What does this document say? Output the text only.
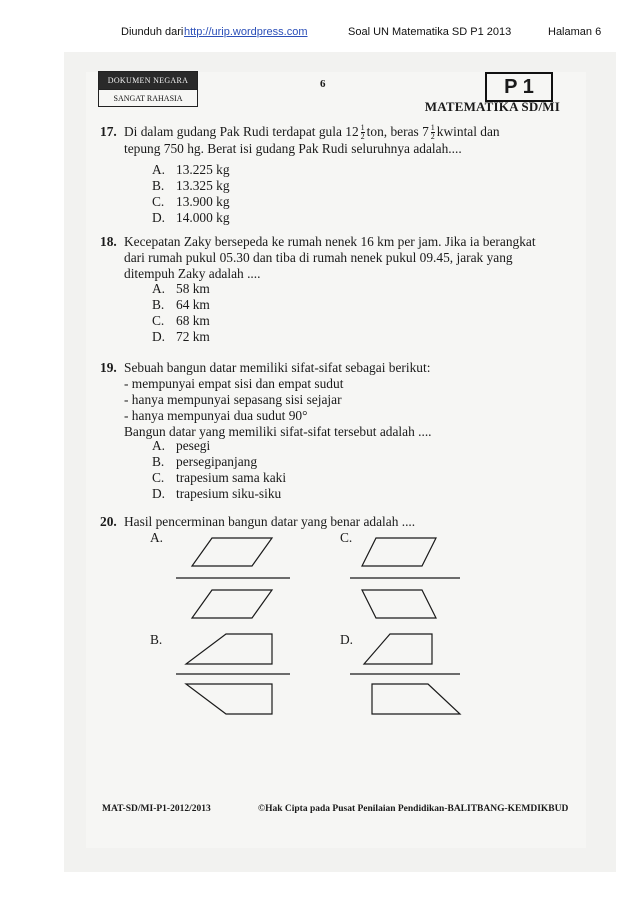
Diunduh dari http://urip.wordpress.com	Soal UN Matematika SD P1 2013	Halaman 6
DOKUMEN NEGARA
SANGAT RAHASIA
6	P 1
MATEMATIKA SD/MI
17. Di dalam gudang Pak Rudi terdapat gula $12 \frac{1}{2}$ ton, beras $7 \frac{1}{2}$ kwintal dan
tepung 750 hg. Berat isi gudang Pak Rudi seluruhnya adalah....
A. 13.225 kg
B. 13.325 kg
C. 13.900 kg
D. 14.000 kg
18. Kecepatan Zaky bersepeda ke rumah nenek 16 km per jam. Jika ia berangkat
dari rumah pukul 05.30 dan tiba di rumah nenek pukul 09.45, jarak yang
ditempuh Zaky adalah ....
A. 58 km
B. 64 km
C. 68 km
D. 72 km
19. Sebuah bangun datar memiliki sifat-sifat sebagai berikut:
- mempunyai empat sisi dan empat sudut
- hanya mempunyai sepasang sisi sejajar
- hanya mempunyai dua sudut 90°
Bangun datar yang memiliki sifat-sifat tersebut adalah ....
A. pesegi
B. persegipanjang
C. trapesium sama kaki
D. trapesium siku-siku
20. Hasil pencerminan bangun datar yang benar adalah ....
A.	C.
B.	D.
MAT-SD/MI-P1-2012/2013	©Hak Cipta pada Pusat Penilaian Pendidikan-BALITBANG-KEMDIKBUD
